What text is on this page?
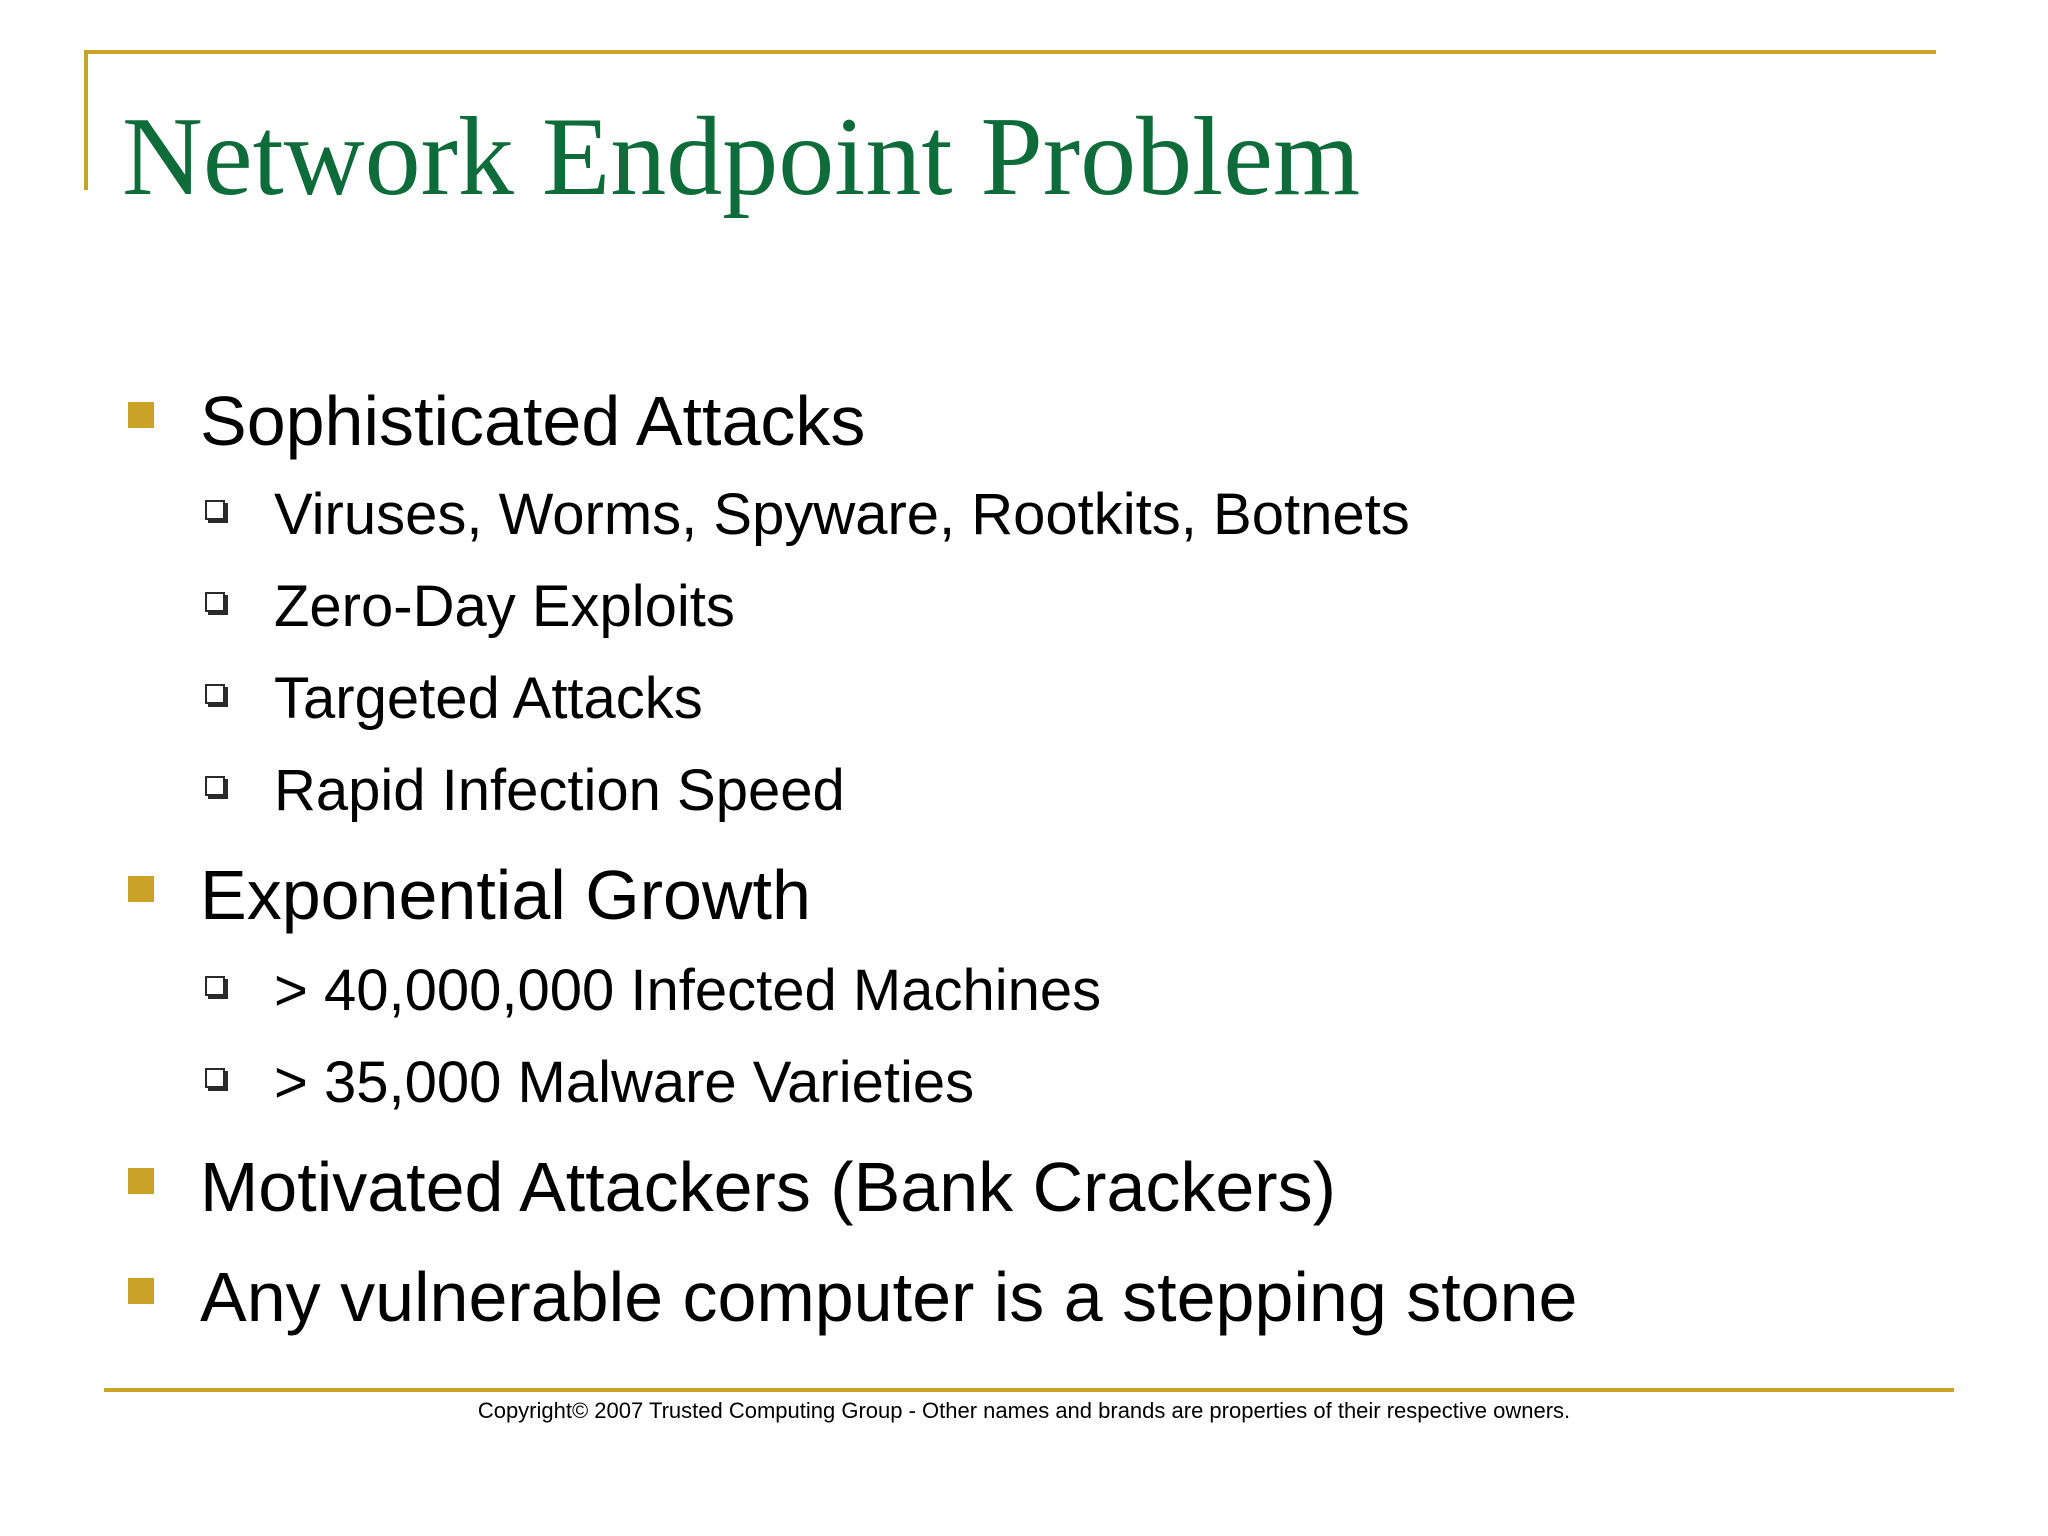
Network Endpoint Problem
Sophisticated Attacks
Viruses, Worms, Spyware, Rootkits, Botnets
Zero-Day Exploits
Targeted Attacks
Rapid Infection Speed
Exponential Growth
> 40,000,000 Infected Machines
> 35,000 Malware Varieties
Motivated Attackers (Bank Crackers)
Any vulnerable computer is a stepping stone
Copyright© 2007 Trusted Computing Group - Other names and brands are properties of their respective owners.
